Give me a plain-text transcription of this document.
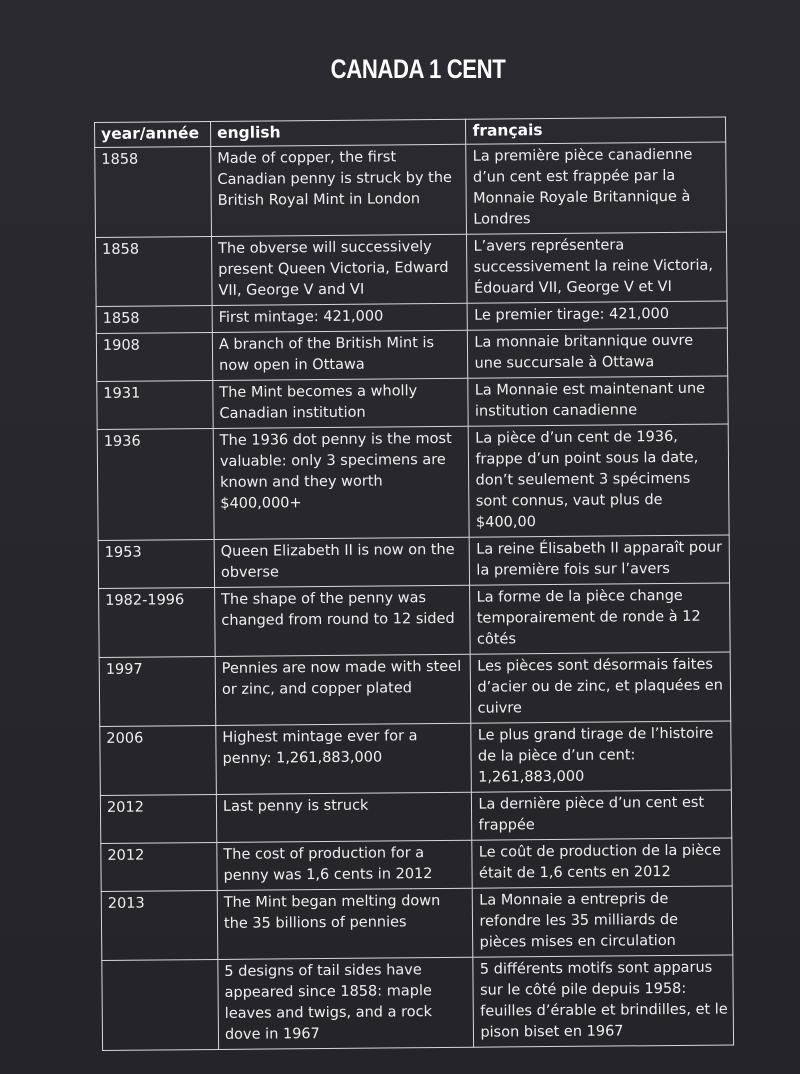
CANADA 1 CENT
year/année	english	français
1858	Made of copper, the first Canadian penny is struck by the British Royal Mint in London	La première pièce canadienne d’un cent est frappée par la Monnaie Royale Britannique à Londres
1858	The obverse will successively present Queen Victoria, Edward VII, George V and VI	L’avers représentera successivement la reine Victoria, Édouard VII, George V et VI
1858	First mintage: 421,000	Le premier tirage: 421,000
1908	A branch of the British Mint is now open in Ottawa	La monnaie britannique ouvre une succursale à Ottawa
1931	The Mint becomes a wholly Canadian institution	La Monnaie est maintenant une institution canadienne
1936	The 1936 dot penny is the most valuable: only 3 specimens are known and they worth $400,000+	La pièce d’un cent de 1936, frappe d’un point sous la date, don’t seulement 3 spécimens sont connus, vaut plus de $400,00
1953	Queen Elizabeth II is now on the obverse	La reine Élisabeth II apparaît pour la première fois sur l’avers
1982-1996	The shape of the penny was changed from round to 12 sided	La forme de la pièce change temporairement de ronde à 12 côtés
1997	Pennies are now made with steel or zinc, and copper plated	Les pièces sont désormais faites d’acier ou de zinc, et plaquées en cuivre
2006	Highest mintage ever for a penny: 1,261,883,000	Le plus grand tirage de l’histoire de la pièce d’un cent: 1,261,883,000
2012	Last penny is struck	La dernière pièce d’un cent est frappée
2012	The cost of production for a penny was 1,6 cents in 2012	Le coût de production de la pièce était de 1,6 cents en 2012
2013	The Mint began melting down the 35 billions of pennies	La Monnaie a entrepris de refondre les 35 milliards de pièces mises en circulation
	5 designs of tail sides have appeared since 1858: maple leaves and twigs, and a rock dove in 1967	5 différents motifs sont apparus sur le côté pile depuis 1958: feuilles d’érable et brindilles, et le pison biset en 1967
